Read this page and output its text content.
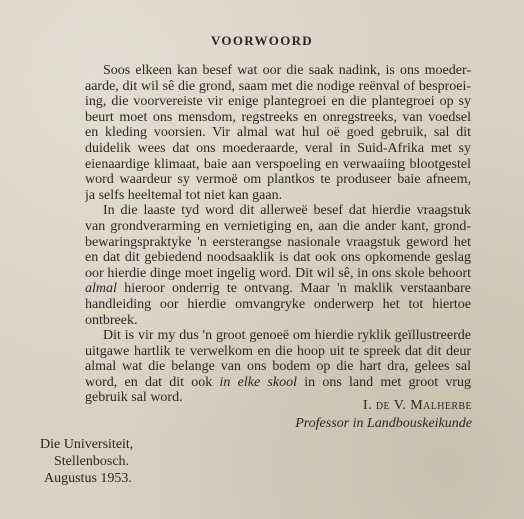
VOORWOORD
Soos elkeen kan besef wat oor die saak nadink, is ons moeder-
aarde, dit wil sê die grond, saam met die nodige reënval of besproei-
ing, die voorvereiste vir enige plantegroei en die plantegroei op sy
beurt moet ons mensdom, regstreeks en onregstreeks, van voedsel
en kleding voorsien. Vir almal wat hul oë goed gebruik, sal dit
duidelik wees dat ons moederaarde, veral in Suid-Afrika met sy
eienaardige klimaat, baie aan verspoeling en verwaaiing blootgestel
word waardeur sy vermoë om plantkos te produseer baie afneem,
ja selfs heeltemal tot niet kan gaan.
In die laaste tyd word dit allerweë besef dat hierdie vraagstuk
van grondverarming en vernietiging en, aan die ander kant, grond-
bewaringspraktyke 'n eersterangse nasionale vraagstuk geword het
en dat dit gebiedend noodsaaklik is dat ook ons opkomende geslag
oor hierdie dinge moet ingelig word. Dit wil sê, in ons skole behoort
almal hieroor onderrig te ontvang. Maar 'n maklik verstaanbare
handleiding oor hierdie omvangryke onderwerp het tot hiertoe
ontbreek.
Dit is vir my dus 'n groot genoeë om hierdie ryklik geïllustreerde
uitgawe hartlik te verwelkom en die hoop uit te spreek dat dit deur
almal wat die belange van ons bodem op die hart dra, gelees sal
word, en dat dit ook in elke skool in ons land met groot vrug
gebruik sal word.
I. DE V. MALHERBE
Professor in Landbouskeikunde
Die Universiteit,
Stellenbosch.
Augustus 1953.
